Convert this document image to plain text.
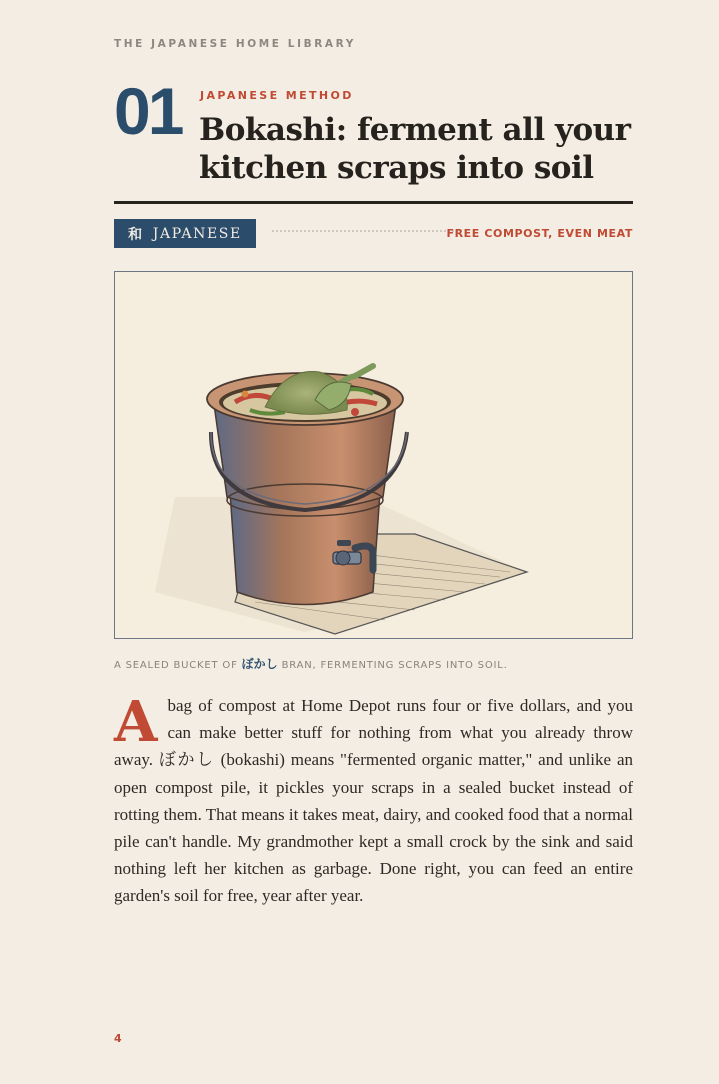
THE JAPANESE HOME LIBRARY
01 JAPANESE METHOD
Bokashi: ferment all your kitchen scraps into soil
和 JAPANESE	FREE COMPOST, EVEN MEAT
A SEALED BUCKET OF ぼかし BRAN, FERMENTING SCRAPS INTO SOIL.

A bag of compost at Home Depot runs four or five dollars, and you can make better stuff for nothing from what you already throw away. ぼかし (bokashi) means "fermented organic matter," and unlike an open compost pile, it pickles your scraps in a sealed bucket instead of rotting them. That means it takes meat, dairy, and cooked food that a normal pile can't handle. My grandmother kept a small crock by the sink and said nothing left her kitchen as garbage. Done right, you can feed an entire garden's soil for free, year after year.

4
